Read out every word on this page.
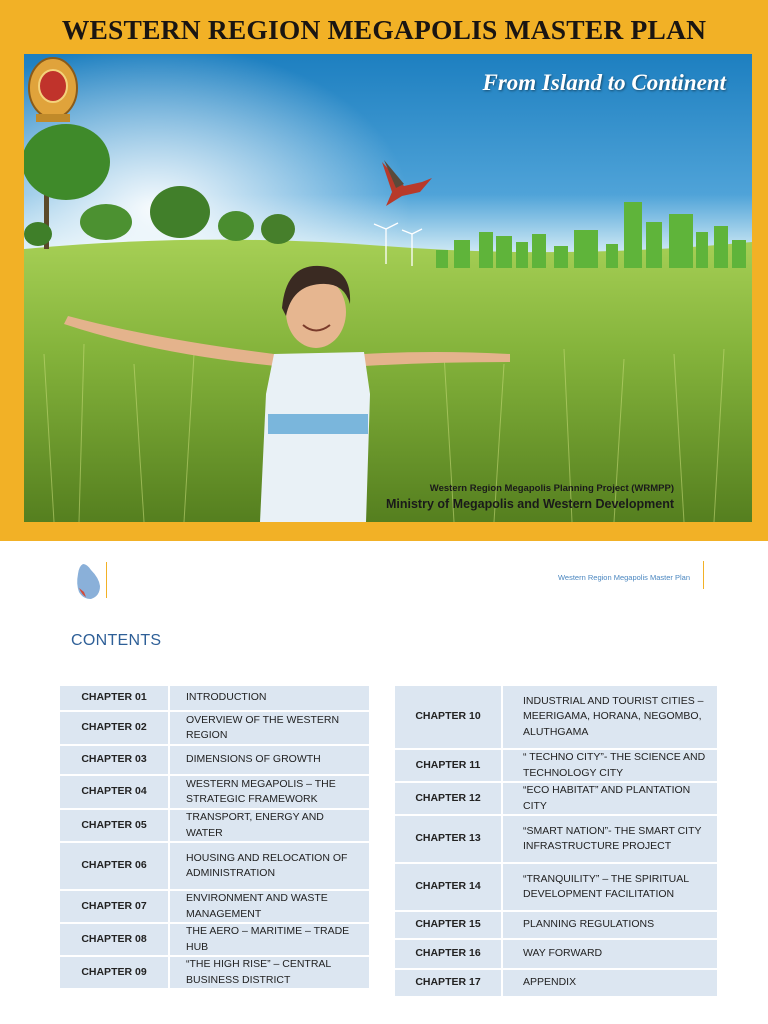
WESTERN REGION MEGAPOLIS MASTER PLAN
From Island to Continent
Western Region Megapolis Planning Project (WRMPP)
Ministry of Megapolis and Western Development
Western Region Megapolis Master Plan
CONTENTS
CHAPTER 01	INTRODUCTION
CHAPTER 02	OVERVIEW OF THE WESTERN REGION
CHAPTER 03	DIMENSIONS OF GROWTH
CHAPTER 04	WESTERN MEGAPOLIS – THE STRATEGIC FRAMEWORK
CHAPTER 05	TRANSPORT, ENERGY AND WATER
CHAPTER 06	HOUSING AND RELOCATION OF ADMINISTRATION
CHAPTER 07	ENVIRONMENT AND WASTE MANAGEMENT
CHAPTER 08	THE AERO – MARITIME – TRADE HUB
CHAPTER 09	“THE HIGH RISE” – CENTRAL BUSINESS DISTRICT
CHAPTER 10	INDUSTRIAL AND TOURIST CITIES – MEERIGAMA, HORANA, NEGOMBO, ALUTHGAMA
CHAPTER 11	“ TECHNO CITY”- THE SCIENCE AND TECHNOLOGY CITY
CHAPTER 12	“ECO HABITAT” AND PLANTATION CITY
CHAPTER 13	“SMART NATION”- THE SMART CITY INFRASTRUCTURE PROJECT
CHAPTER 14	“TRANQUILITY” – THE SPIRITUAL DEVELOPMENT FACILITATION
CHAPTER 15	PLANNING REGULATIONS
CHAPTER 16	WAY FORWARD
CHAPTER 17	APPENDIX
